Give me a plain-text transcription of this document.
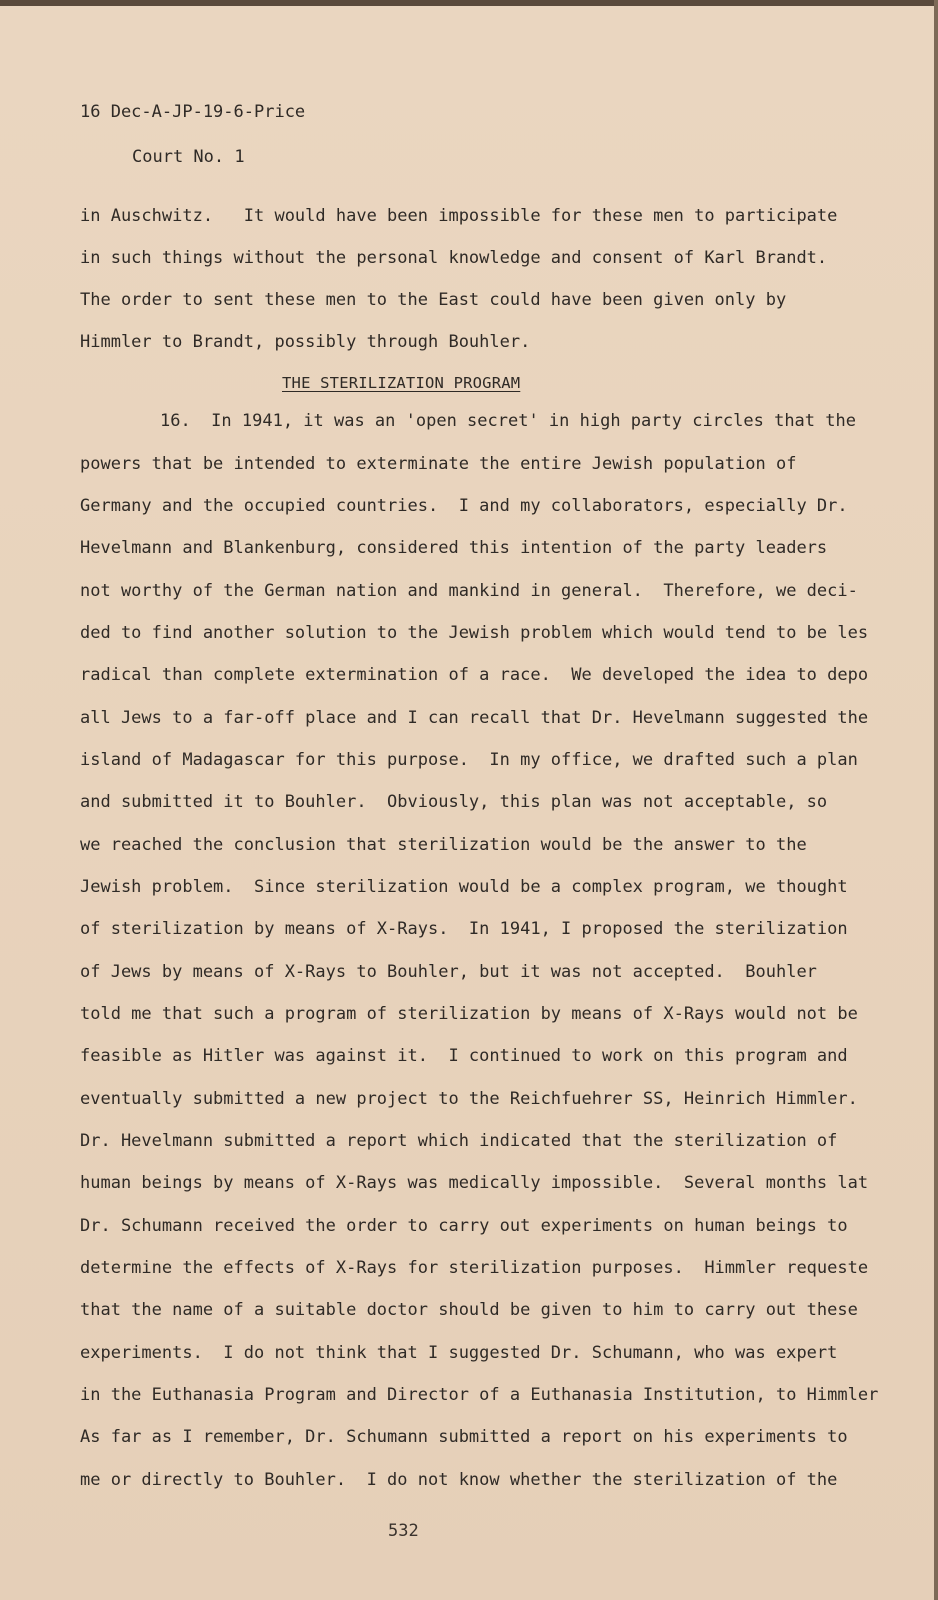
16 Dec-A-JP-19-6-Price
Court No. 1
in Auschwitz.   It would have been impossible for these men to participate
in such things without the personal knowledge and consent of Karl Brandt.
The order to sent these men to the East could have been given only by
Himmler to Brandt, possibly through Bouhler.
THE STERILIZATION PROGRAM
16.  In 1941, it was an 'open secret' in high party circles that the
powers that be intended to exterminate the entire Jewish population of
Germany and the occupied countries.  I and my collaborators, especially Dr.
Hevelmann and Blankenburg, considered this intention of the party leaders
not worthy of the German nation and mankind in general.  Therefore, we deci-
ded to find another solution to the Jewish problem which would tend to be les
radical than complete extermination of a race.  We developed the idea to depo
all Jews to a far-off place and I can recall that Dr. Hevelmann suggested the
island of Madagascar for this purpose.  In my office, we drafted such a plan
and submitted it to Bouhler.  Obviously, this plan was not acceptable, so
we reached the conclusion that sterilization would be the answer to the
Jewish problem.  Since sterilization would be a complex program, we thought
of sterilization by means of X-Rays.  In 1941, I proposed the sterilization
of Jews by means of X-Rays to Bouhler, but it was not accepted.  Bouhler
told me that such a program of sterilization by means of X-Rays would not be
feasible as Hitler was against it.  I continued to work on this program and
eventually submitted a new project to the Reichfuehrer SS, Heinrich Himmler.
Dr. Hevelmann submitted a report which indicated that the sterilization of
human beings by means of X-Rays was medically impossible.  Several months lat
Dr. Schumann received the order to carry out experiments on human beings to
determine the effects of X-Rays for sterilization purposes.  Himmler requeste
that the name of a suitable doctor should be given to him to carry out these
experiments.  I do not think that I suggested Dr. Schumann, who was expert
in the Euthanasia Program and Director of a Euthanasia Institution, to Himmler
As far as I remember, Dr. Schumann submitted a report on his experiments to
me or directly to Bouhler.  I do not know whether the sterilization of the
532
